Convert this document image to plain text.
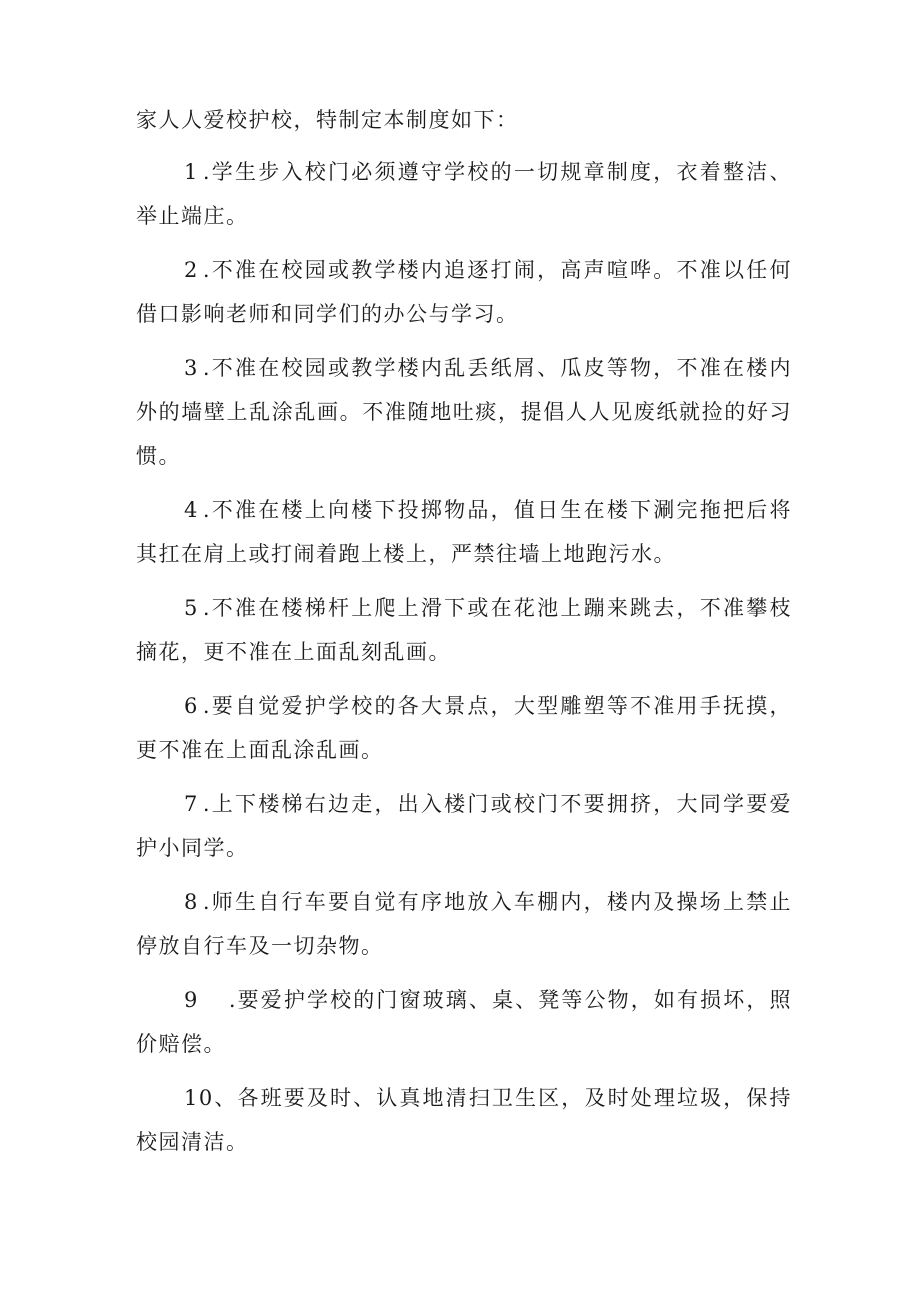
家人人爱校护校，特制定本制度如下：

1 .学生步入校门必须遵守学校的一切规章制度，衣着整洁、举止端庄。

2 .不准在校园或教学楼内追逐打闹，高声喧哗。不准以任何借口影响老师和同学们的办公与学习。

3 .不准在校园或教学楼内乱丢纸屑、瓜皮等物，不准在楼内外的墙壁上乱涂乱画。不准随地吐痰，提倡人人见废纸就捡的好习惯。

4 .不准在楼上向楼下投掷物品，值日生在楼下涮完拖把后将其扛在肩上或打闹着跑上楼上，严禁往墙上地跑污水。

5 .不准在楼梯杆上爬上滑下或在花池上蹦来跳去，不准攀枝摘花，更不准在上面乱刻乱画。

6 .要自觉爱护学校的各大景点，大型雕塑等不准用手抚摸，更不准在上面乱涂乱画。

7 .上下楼梯右边走，出入楼门或校门不要拥挤，大同学要爱护小同学。

8 .师生自行车要自觉有序地放入车棚内，楼内及操场上禁止停放自行车及一切杂物。

9 .要爱护学校的门窗玻璃、桌、凳等公物，如有损坏，照价赔偿。

10、各班要及时、认真地清扫卫生区，及时处理垃圾，保持校园清洁。
